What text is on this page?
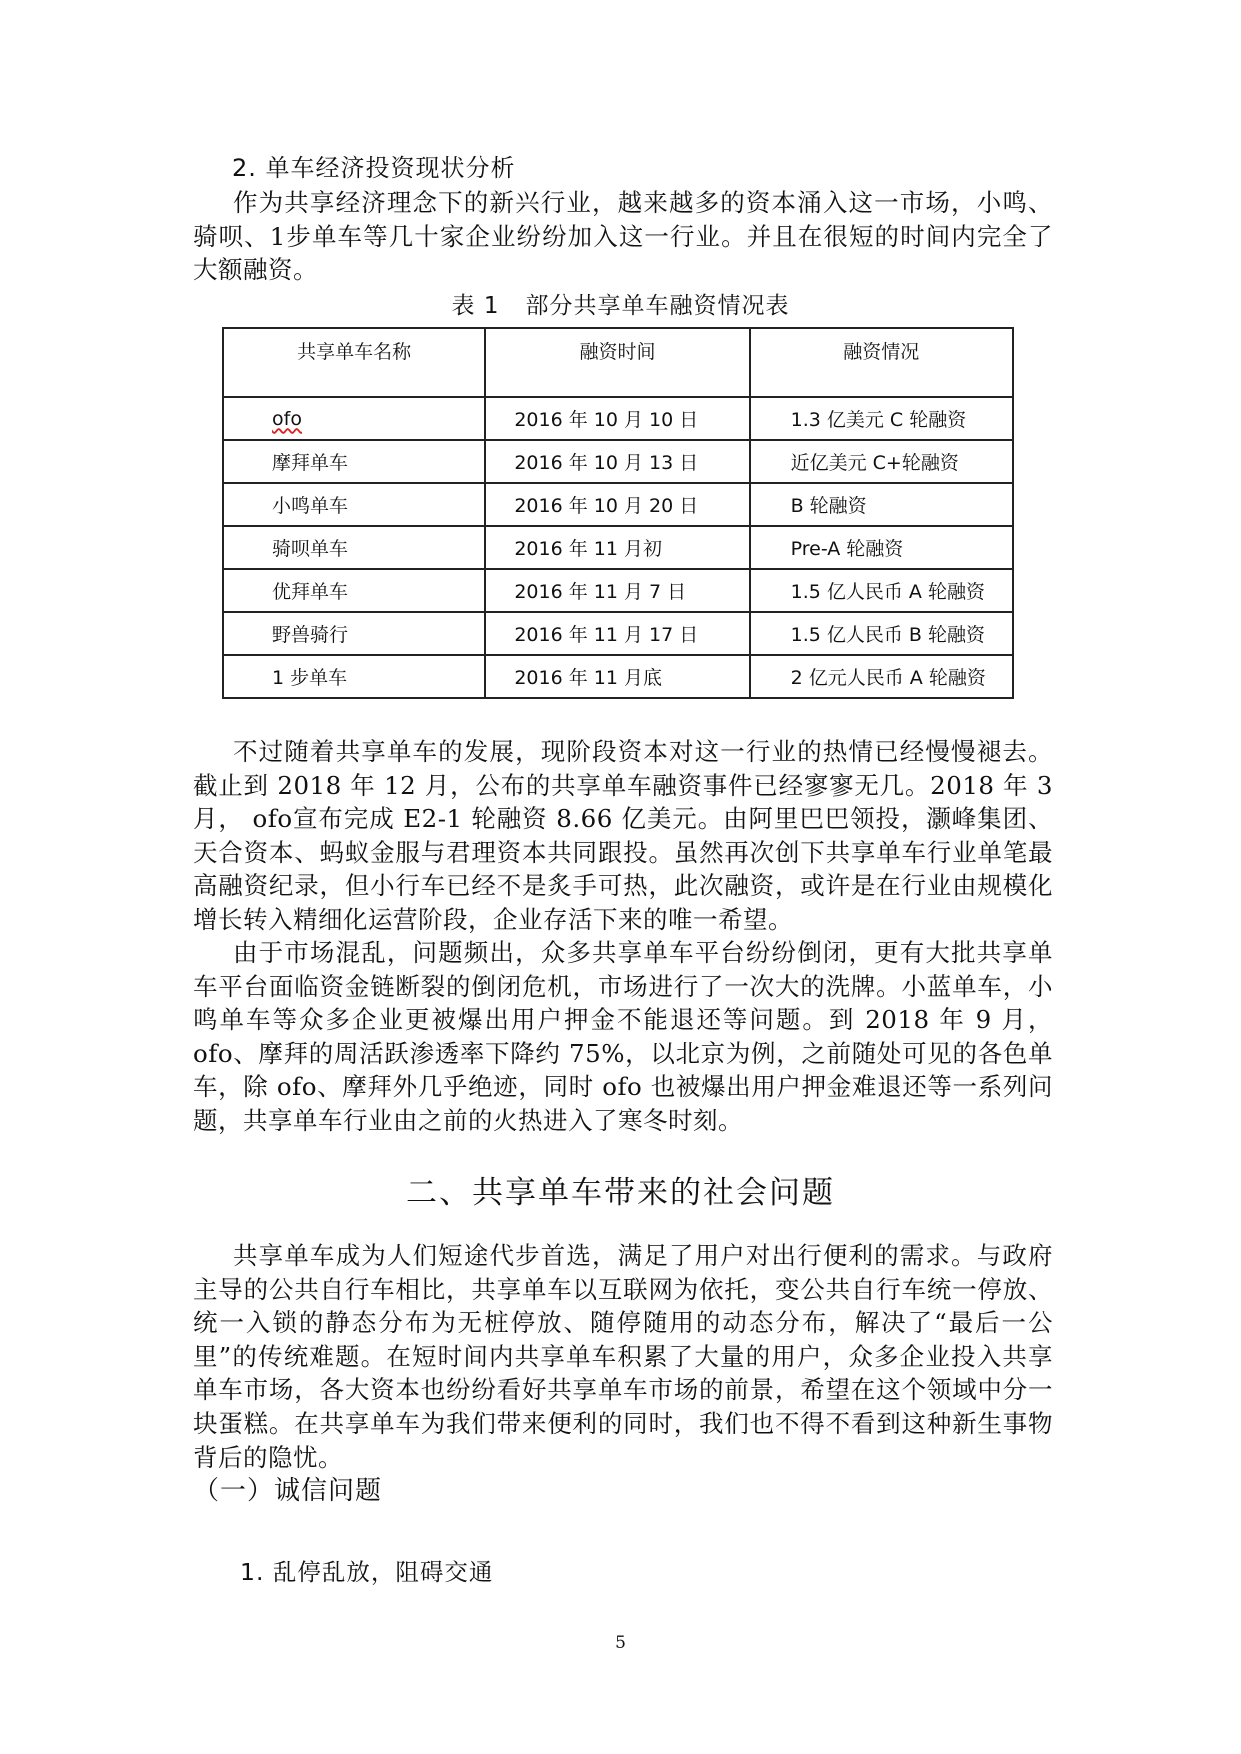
2. 单车经济投资现状分析

作为共享经济理念下的新兴行业，越来越多的资本涌入这一市场，小鸣、骑呗、1步单车等几十家企业纷纷加入这一行业。并且在很短的时间内完全了大额融资。

表 1 部分共享单车融资情况表
共享单车名称	融资时间	融资情况
ofo	2016 年 10 月 10 日	1.3 亿美元 C 轮融资
摩拜单车	2016 年 10 月 13 日	近亿美元 C+轮融资
小鸣单车	2016 年 10 月 20 日	B 轮融资
骑呗单车	2016 年 11 月初	Pre-A 轮融资
优拜单车	2016 年 11 月 7 日	1.5 亿人民币 A 轮融资
野兽骑行	2016 年 11 月 17 日	1.5 亿人民币 B 轮融资
1 步单车	2016 年 11 月底	2 亿元人民币 A 轮融资

不过随着共享单车的发展，现阶段资本对这一行业的热情已经慢慢褪去。截止到 2018 年 12 月，公布的共享单车融资事件已经寥寥无几。2018 年 3 月， ofo宣布完成 E2-1 轮融资 8.66 亿美元。由阿里巴巴领投，灏峰集团、天合资本、蚂蚁金服与君理资本共同跟投。虽然再次创下共享单车行业单笔最高融资纪录，但小行车已经不是炙手可热，此次融资，或许是在行业由规模化增长转入精细化运营阶段，企业存活下来的唯一希望。

由于市场混乱，问题频出，众多共享单车平台纷纷倒闭，更有大批共享单车平台面临资金链断裂的倒闭危机，市场进行了一次大的洗牌。小蓝单车，小鸣单车等众多企业更被爆出用户押金不能退还等问题。到 2018 年 9 月，ofo、摩拜的周活跃渗透率下降约 75%，以北京为例，之前随处可见的各色单车，除 ofo、摩拜外几乎绝迹，同时 ofo 也被爆出用户押金难退还等一系列问题，共享单车行业由之前的火热进入了寒冬时刻。

二、共享单车带来的社会问题

共享单车成为人们短途代步首选，满足了用户对出行便利的需求。与政府主导的公共自行车相比，共享单车以互联网为依托，变公共自行车统一停放、统一入锁的静态分布为无桩停放、随停随用的动态分布，解决了“最后一公里”的传统难题。在短时间内共享单车积累了大量的用户，众多企业投入共享单车市场，各大资本也纷纷看好共享单车市场的前景，希望在这个领域中分一块蛋糕。在共享单车为我们带来便利的同时，我们也不得不看到这种新生事物背后的隐忧。

（一）诚信问题
1. 乱停乱放，阻碍交通
5
